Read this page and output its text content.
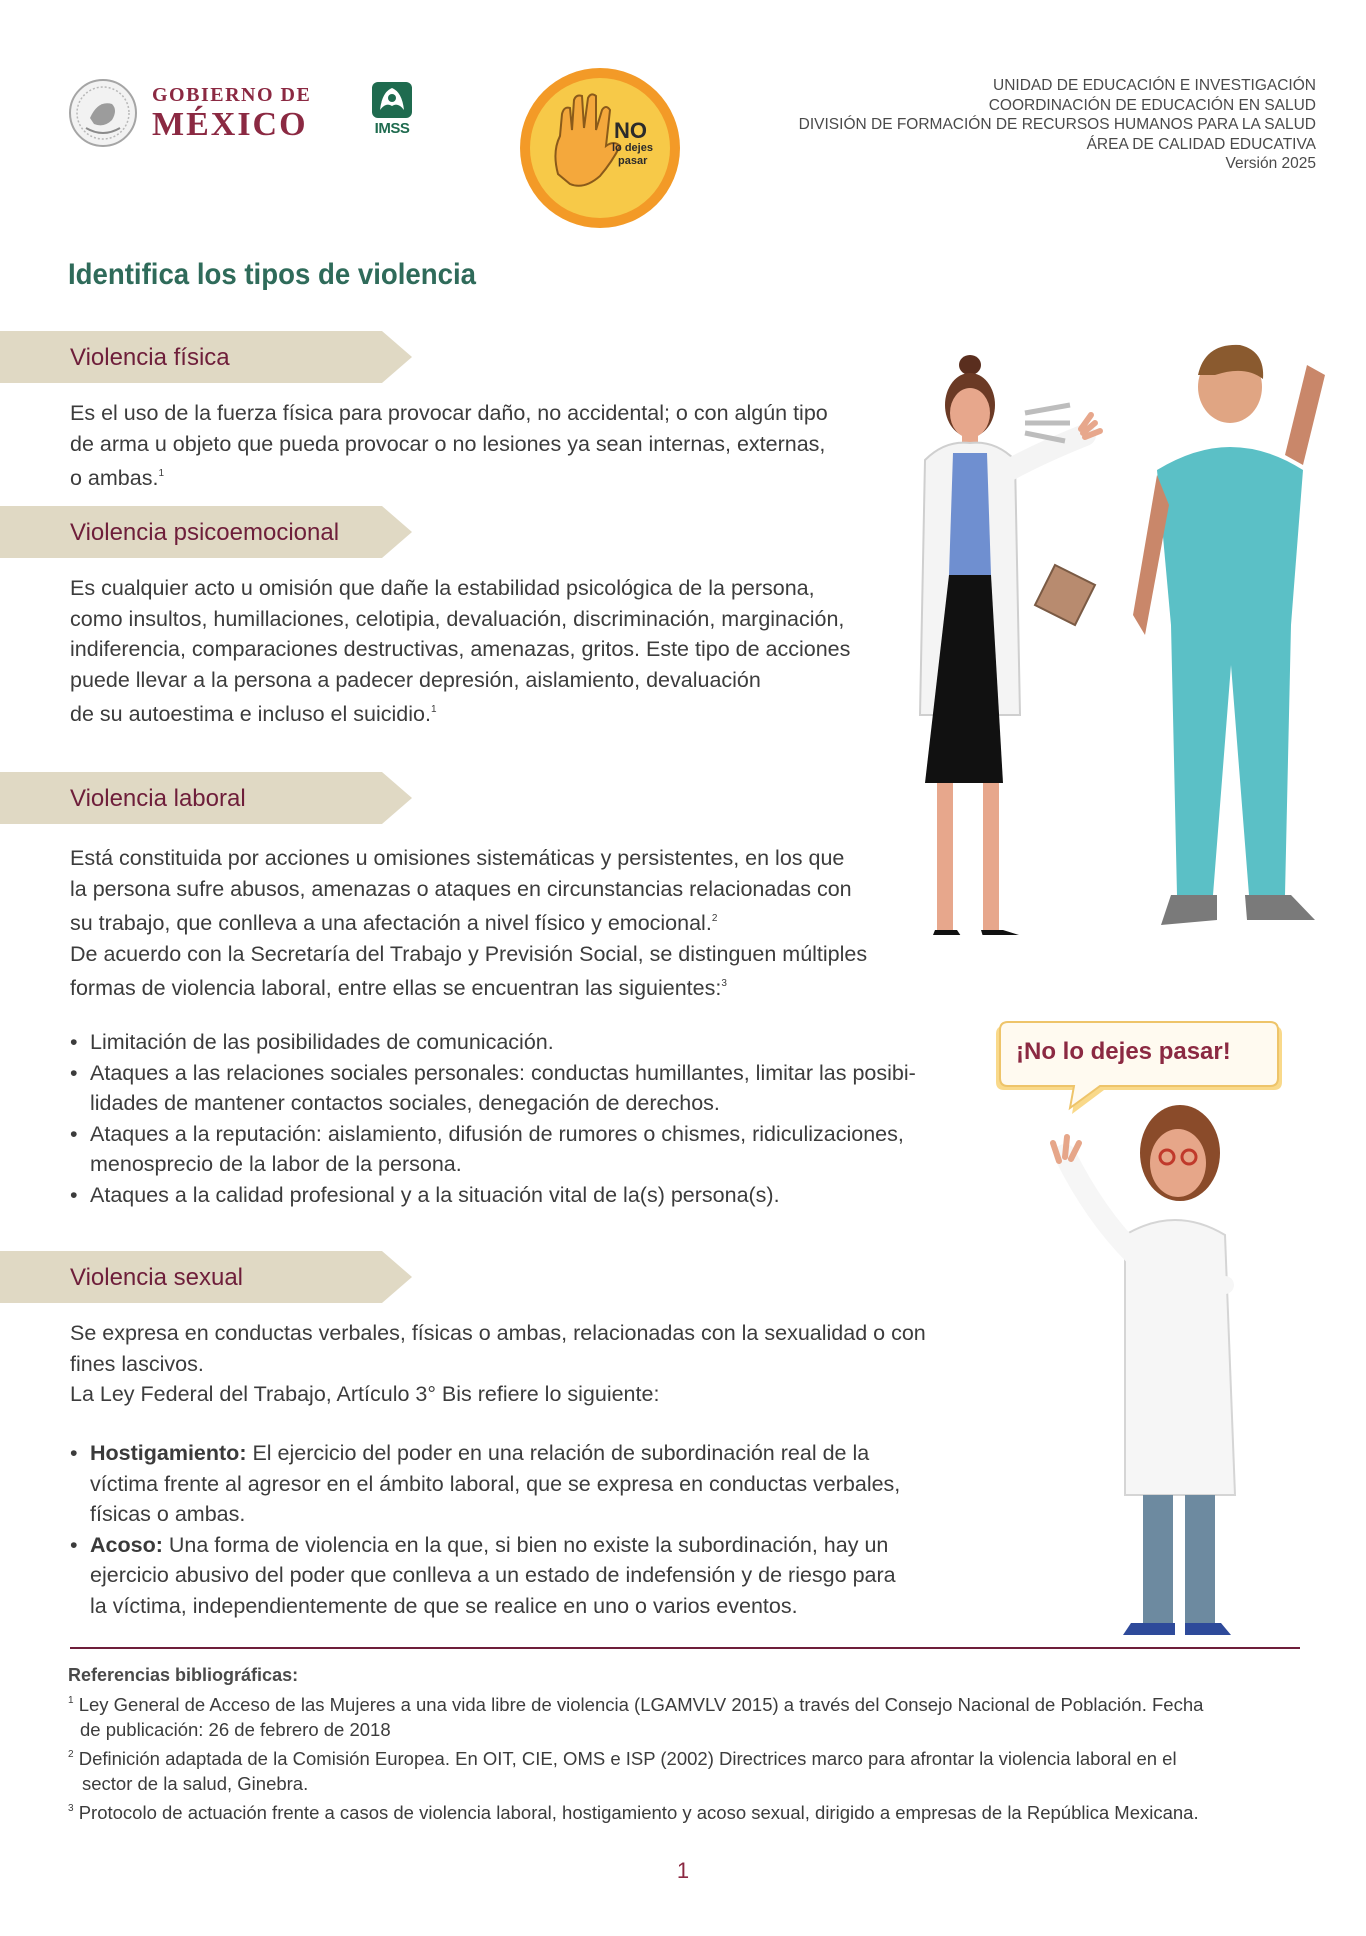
GOBIERNO DE
MÉXICO	IMSS	NO
lo dejes
pasar
UNIDAD DE EDUCACIÓN E INVESTIGACIÓN
COORDINACIÓN DE EDUCACIÓN EN SALUD
DIVISIÓN DE FORMACIÓN DE RECURSOS HUMANOS PARA LA SALUD
ÁREA DE CALIDAD EDUCATIVA
Versión 2025
Identifica los tipos de violencia
Violencia física
Es el uso de la fuerza física para provocar daño, no accidental; o con algún tipo
de arma u objeto que pueda provocar o no lesiones ya sean internas, externas,
o ambas.$^1$
Violencia psicoemocional
Es cualquier acto u omisión que dañe la estabilidad psicológica de la persona,
como insultos, humillaciones, celotipia, devaluación, discriminación, marginación,
indiferencia, comparaciones destructivas, amenazas, gritos. Este tipo de acciones
puede llevar a la persona a padecer depresión, aislamiento, devaluación
de su autoestima e incluso el suicidio.$^1$
Violencia laboral
Está constituida por acciones u omisiones sistemáticas y persistentes, en los que
la persona sufre abusos, amenazas o ataques en circunstancias relacionadas con
su trabajo, que conlleva a una afectación a nivel físico y emocional.$^2$
De acuerdo con la Secretaría del Trabajo y Previsión Social, se distinguen múltiples
formas de violencia laboral, entre ellas se encuentran las siguientes:$^3$
• Limitación de las posibilidades de comunicación.
• Ataques a las relaciones sociales personales: conductas humillantes, limitar las posibi-
lidades de mantener contactos sociales, denegación de derechos.
• Ataques a la reputación: aislamiento, difusión de rumores o chismes, ridiculizaciones,
menosprecio de la labor de la persona.
• Ataques a la calidad profesional y a la situación vital de la(s) persona(s).
Violencia sexual
Se expresa en conductas verbales, físicas o ambas, relacionadas con la sexualidad o con
fines lascivos.
La Ley Federal del Trabajo, Artículo 3° Bis refiere lo siguiente:
• Hostigamiento: El ejercicio del poder en una relación de subordinación real de la
víctima frente al agresor en el ámbito laboral, que se expresa en conductas verbales,
físicas o ambas.
• Acoso: Una forma de violencia en la que, si bien no existe la subordinación, hay un
ejercicio abusivo del poder que conlleva a un estado de indefensión y de riesgo para
la víctima, independientemente de que se realice en uno o varios eventos.
¡No lo dejes pasar!
Referencias bibliográficas:
$^1$ Ley General de Acceso de las Mujeres a una vida libre de violencia (LGAMVLV 2015) a través del Consejo Nacional de Población. Fecha
de publicación: 26 de febrero de 2018
$^2$ Definición adaptada de la Comisión Europea. En OIT, CIE, OMS e ISP (2002) Directrices marco para afrontar la violencia laboral en el
sector de la salud, Ginebra.
$^3$ Protocolo de actuación frente a casos de violencia laboral, hostigamiento y acoso sexual, dirigido a empresas de la República Mexicana.
1
